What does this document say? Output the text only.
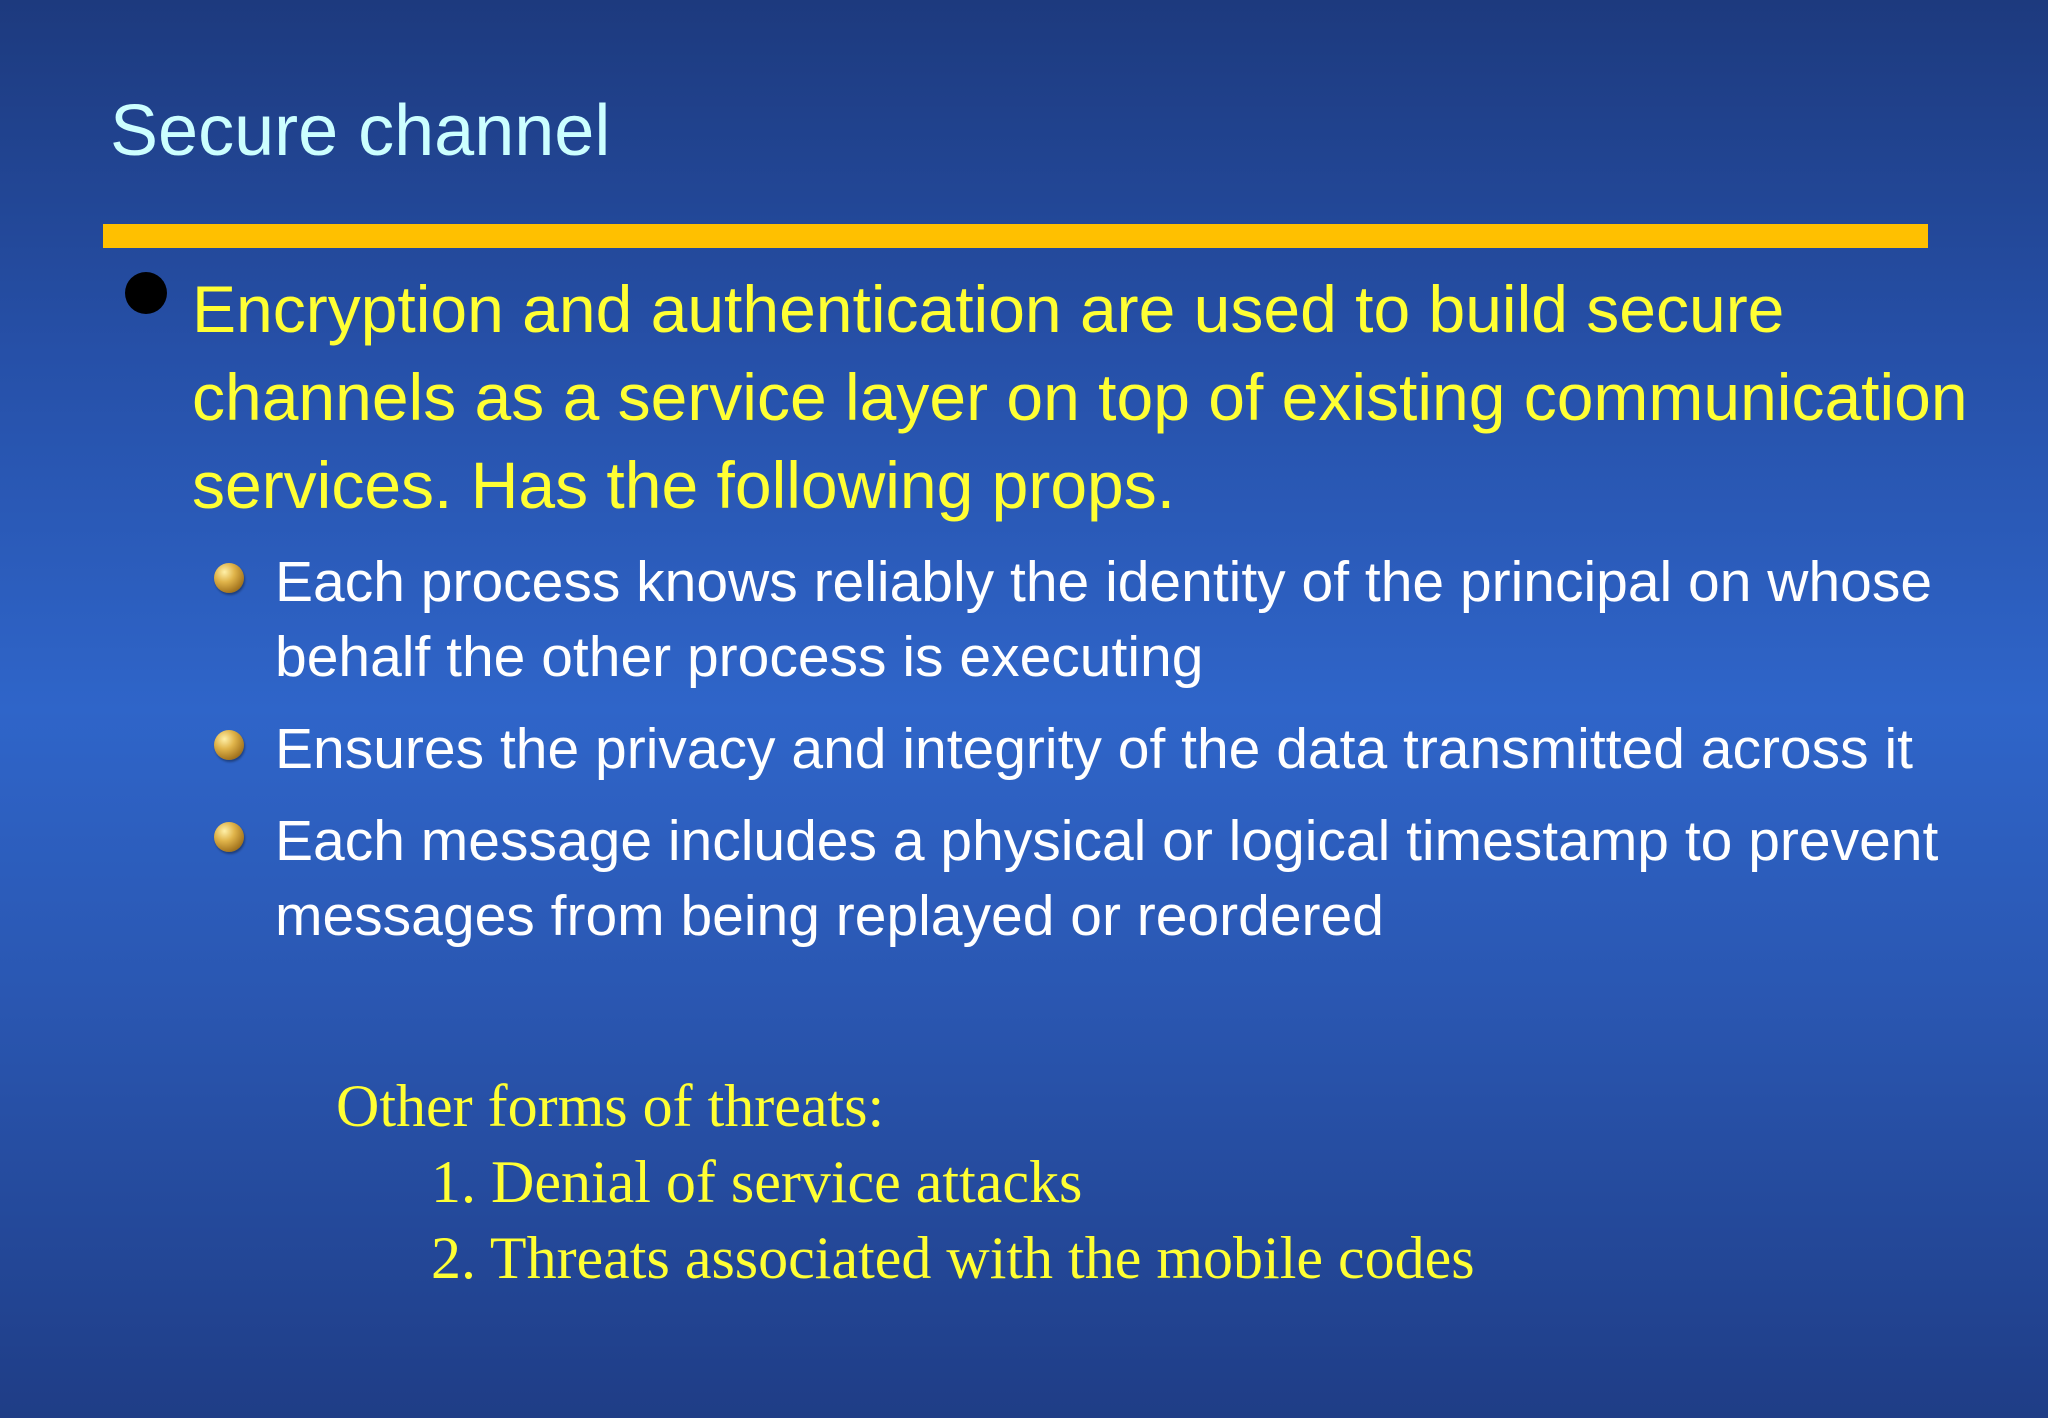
Secure channel
Encryption and authentication are used to build secure channels as a service layer on top of existing communication services. Has the following props.
Each process knows reliably the identity of the principal on whose behalf the other process is executing
Ensures the privacy and integrity of the data transmitted across it
Each message includes a physical or logical timestamp to prevent messages from being replayed or reordered
Other forms of threats:
1. Denial of service attacks
2. Threats associated with the mobile codes
